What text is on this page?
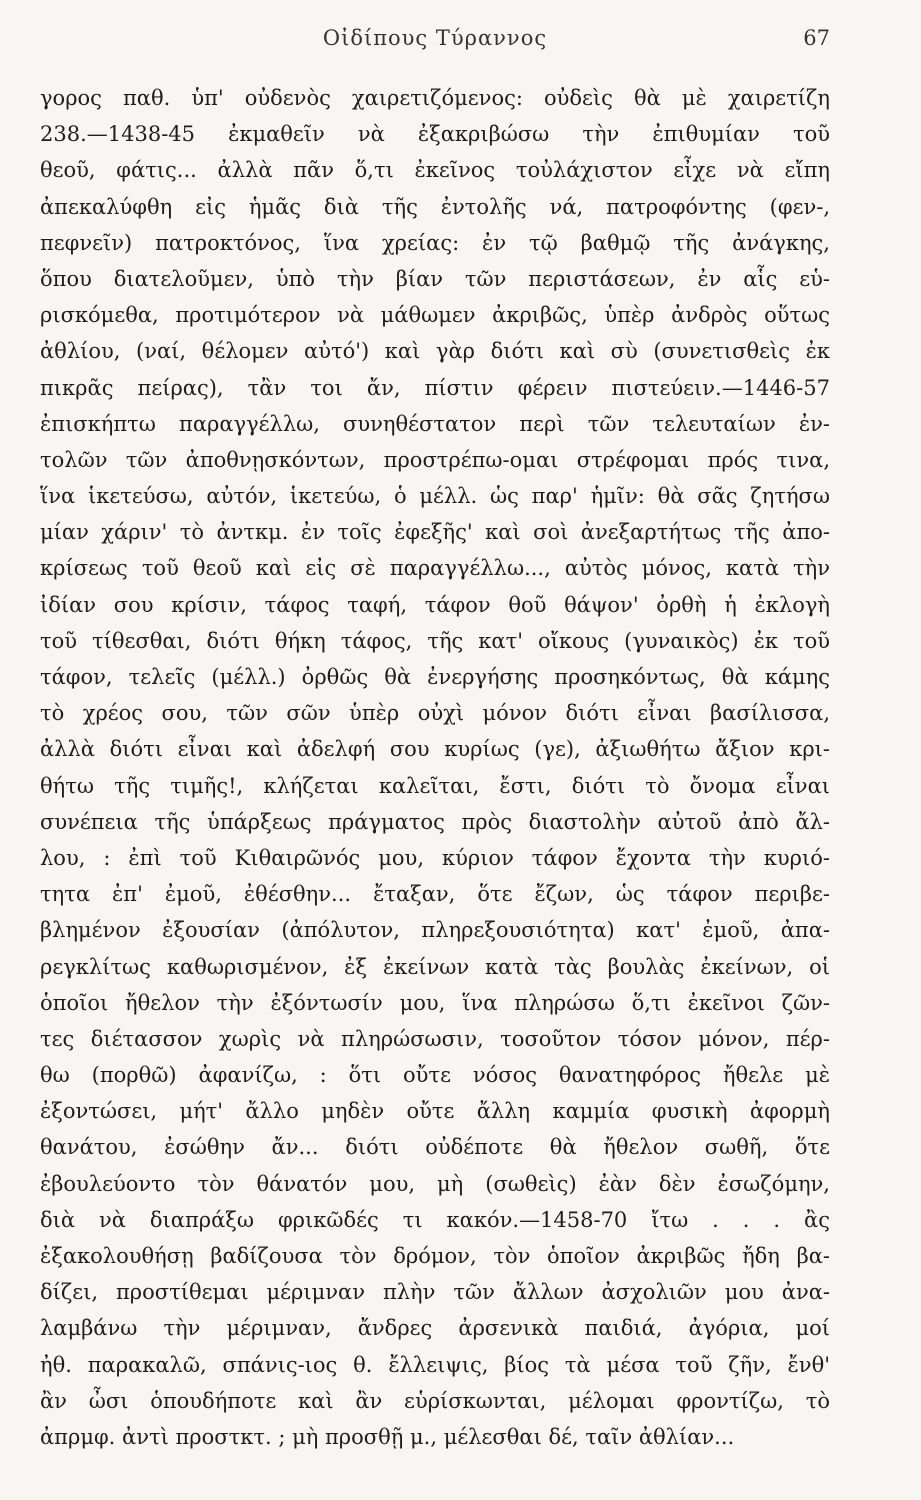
Οἰδίπους Τύραννος	67
γορος παθ. ὑπ' οὐδενὸς χαιρετιζόμενος: οὐδεὶς θὰ μὲ χαιρετίζη
238.—1438-45 ἐκμαθεῖν νὰ ἐξακριβώσω τὴν ἐπιθυμίαν τοῦ
θεοῦ, φάτις... ἀλλὰ πᾶν ὅ,τι ἐκεῖνος τοὐλάχιστον εἶχε νὰ εἴπη
ἀπεκαλύφθη εἰς ἡμᾶς διὰ τῆς ἐντολῆς νά, πατροφόντης (φεν-,
πεφνεῖν) πατροκτόνος, ἵνα χρείας: ἐν τῷ βαθμῷ τῆς ἀνάγκης,
ὅπου διατελοῦμεν, ὑπὸ τὴν βίαν τῶν περιστάσεων, ἐν αἷς εὑ-
ρισκόμεθα, προτιμότερον νὰ μάθωμεν ἀκριβῶς, ὑπὲρ ἀνδρὸς οὕτως
ἀθλίου, (ναί, θέλομεν αὐτό') καὶ γὰρ διότι καὶ σὺ (συνετισθεὶς ἐκ
πικρᾶς πείρας), τἂν τοι ἄν, πίστιν φέρειν πιστεύειν.—1446-57
ἐπισκήπτω παραγγέλλω, συνηθέστατον περὶ τῶν τελευταίων ἐν-
τολῶν τῶν ἀποθνῃσκόντων, προστρέπω-ομαι στρέφομαι πρός τινα,
ἵνα ἱκετεύσω, αὐτόν, ἱκετεύω, ὁ μέλλ. ὡς παρ' ἡμῖν: θὰ σᾶς ζητήσω
μίαν χάριν' τὸ ἀντκμ. ἐν τοῖς ἐφεξῆς' καὶ σοὶ ἀνεξαρτήτως τῆς ἀπο-
κρίσεως τοῦ θεοῦ καὶ εἰς σὲ παραγγέλλω..., αὐτὸς μόνος, κατὰ τὴν
ἰδίαν σου κρίσιν, τάφος ταφή, τάφον θοῦ θάψον' ὀρθὴ ἡ ἐκλογὴ
τοῦ τίθεσθαι, διότι θήκη τάφος, τῆς κατ' οἴκους (γυναικὸς) ἐκ τοῦ
τάφον, τελεῖς (μέλλ.) ὀρθῶς θὰ ἐνεργήσης προσηκόντως, θὰ κάμης
τὸ χρέος σου, τῶν σῶν ὑπὲρ οὐχὶ μόνον διότι εἶναι βασίλισσα,
ἀλλὰ διότι εἶναι καὶ ἀδελφή σου κυρίως (γε), ἀξιωθήτω ἄξιον κρι-
θήτω τῆς τιμῆς!, κλήζεται καλεῖται, ἔστι, διότι τὸ ὄνομα εἶναι
συνέπεια τῆς ὑπάρξεως πράγματος πρὸς διαστολὴν αὐτοῦ ἀπὸ ἄλ-
λου, : ἐπὶ τοῦ Κιθαιρῶνός μου, κύριον τάφον ἔχοντα τὴν κυριό-
τητα ἐπ' ἐμοῦ, ἐθέσθην... ἔταξαν, ὅτε ἔζων, ὡς τάφον περιβε-
βλημένον ἐξουσίαν (ἀπόλυτον, πληρεξουσιότητα) κατ' ἐμοῦ, ἀπα-
ρεγκλίτως καθωρισμένον, ἐξ ἐκείνων κατὰ τὰς βουλὰς ἐκείνων, οἱ
ὁποῖοι ἤθελον τὴν ἐξόντωσίν μου, ἵνα πληρώσω ὅ,τι ἐκεῖνοι ζῶν-
τες διέτασσον χωρὶς νὰ πληρώσωσιν, τοσοῦτον τόσον μόνον, πέρ-
θω (πορθῶ) ἀφανίζω, : ὅτι οὔτε νόσος θανατηφόρος ἤθελε μὲ
ἐξοντώσει, μήτ' ἄλλο μηδὲν οὔτε ἄλλη καμμία φυσικὴ ἀφορμὴ
θανάτου, ἐσώθην ἄν... διότι οὐδέποτε θὰ ἤθελον σωθῆ, ὅτε
ἐβουλεύοντο τὸν θάνατόν μου, μὴ (σωθεὶς) ἐὰν δὲν ἐσωζόμην,
διὰ νὰ διαπράξω φρικῶδές τι κακόν.—1458-70 ἴτω . . . ἂς
ἐξακολουθήσῃ βαδίζουσα τὸν δρόμον, τὸν ὁποῖον ἀκριβῶς ἤδη βα-
δίζει, προστίθεμαι μέριμναν πλὴν τῶν ἄλλων ἀσχολιῶν μου ἀνα-
λαμβάνω τὴν μέριμναν, ἄνδρες ἀρσενικὰ παιδιά, ἀγόρια, μοί
ἠθ. παρακαλῶ, σπάνις-ιος θ. ἔλλειψις, βίος τὰ μέσα τοῦ ζῆν, ἔνθ'
ἂν ὦσι ὁπουδήποτε καὶ ἂν εὑρίσκωνται, μέλομαι φροντίζω, τὸ
ἀπρμφ. ἀντὶ προστκτ. ; μὴ προσθῇ μ., μέλεσθαι δέ, ταῖν ἀθλίαν...
